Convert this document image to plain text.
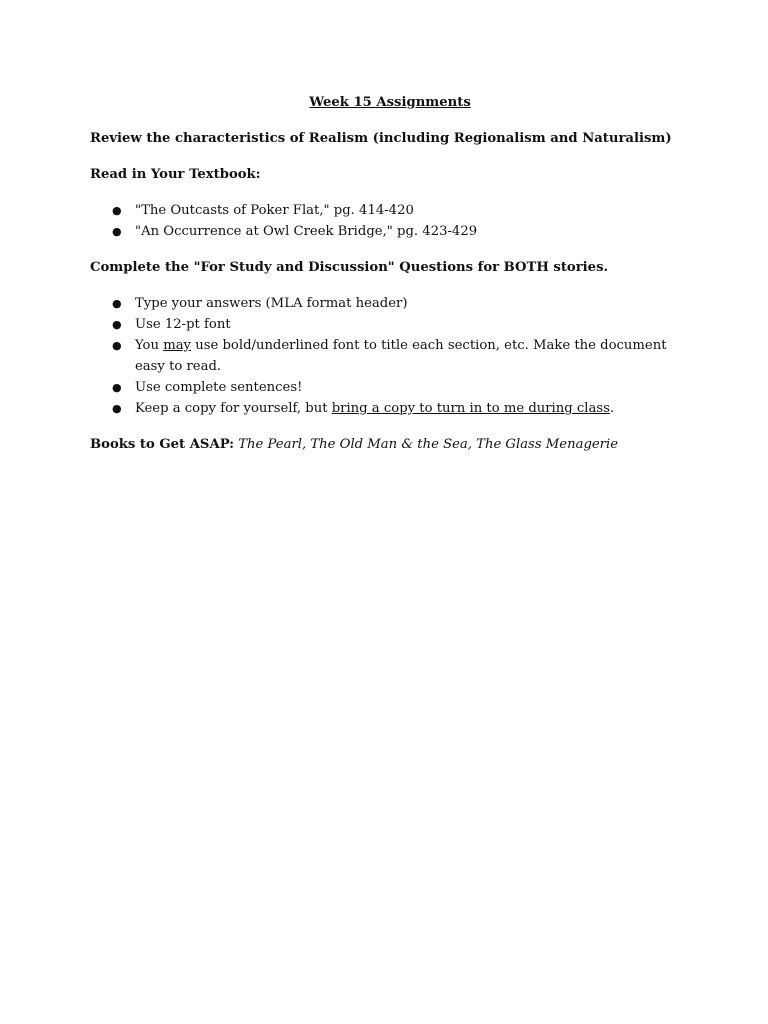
Week 15 Assignments
Review the characteristics of Realism (including Regionalism and Naturalism)
Read in Your Textbook:
● "The Outcasts of Poker Flat," pg. 414-420
● "An Occurrence at Owl Creek Bridge," pg. 423-429
Complete the "For Study and Discussion" Questions for BOTH stories.
● Type your answers (MLA format header)
● Use 12-pt font
● You may use bold/underlined font to title each section, etc. Make the document easy to read.
● Use complete sentences!
● Keep a copy for yourself, but bring a copy to turn in to me during class.
Books to Get ASAP: The Pearl, The Old Man & the Sea, The Glass Menagerie
